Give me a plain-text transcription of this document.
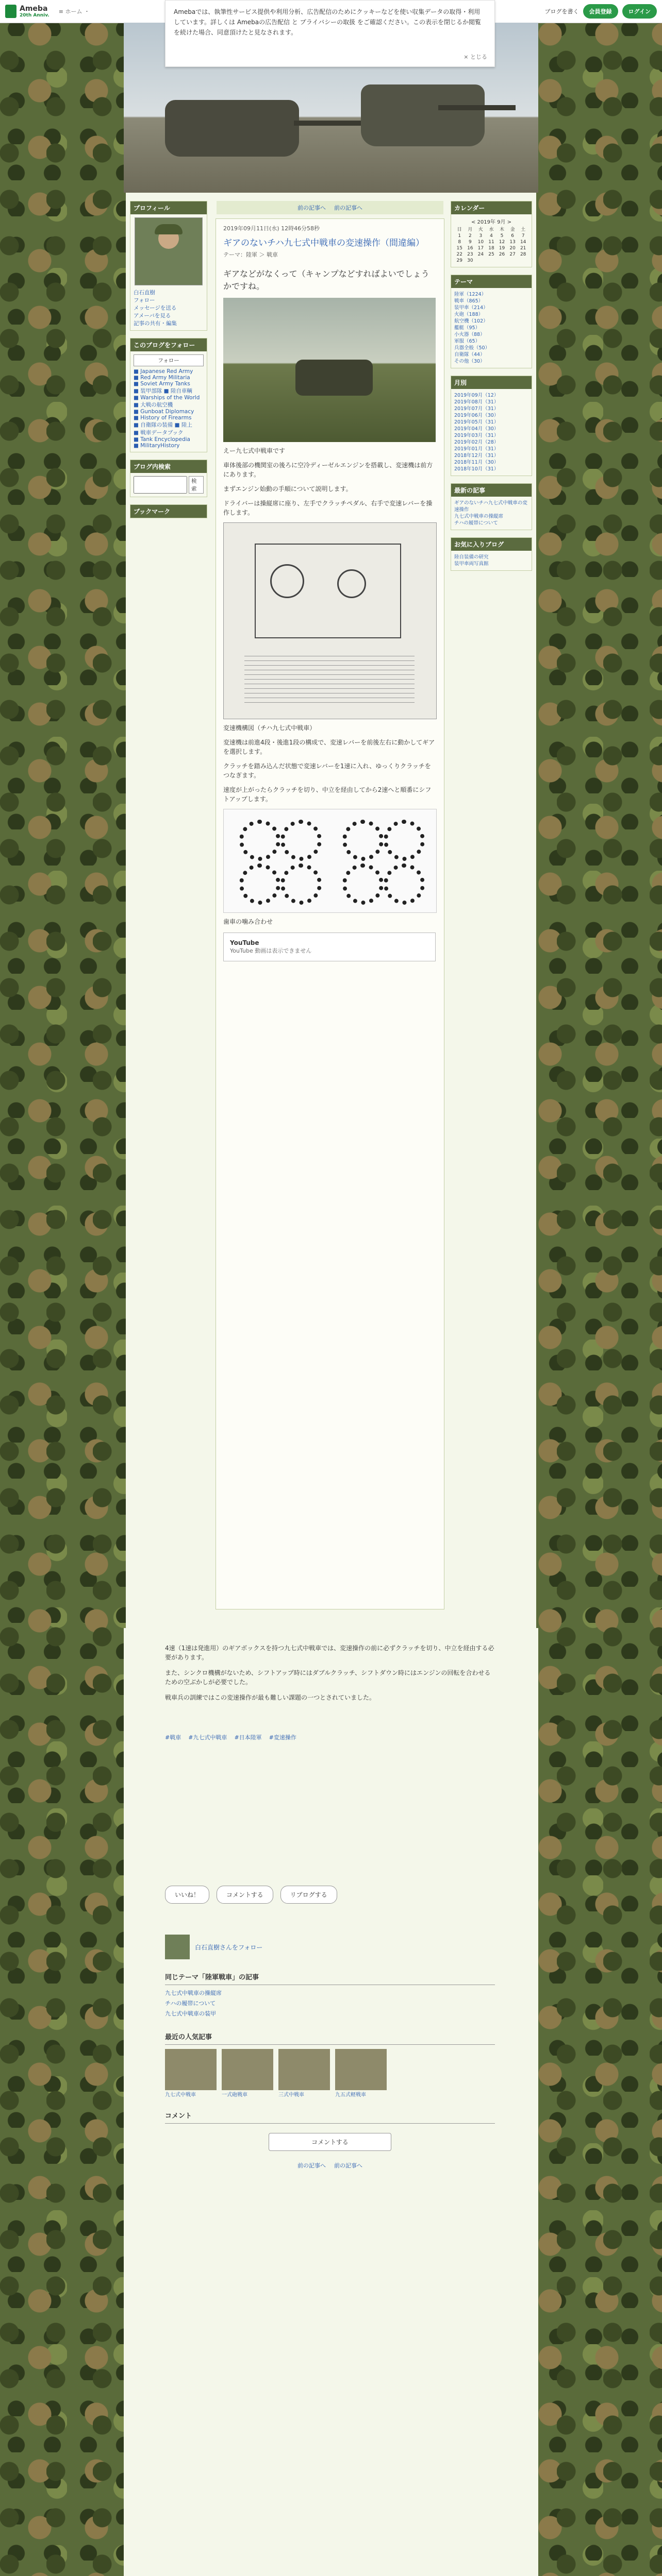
Ameba
20th Anniv.
≡ ホーム ・	ブログを書く	会員登録	ログイン
Amebaでは、執筆性サービス提供や利用分析、広告配信のためにクッキーなどを使い収集データの取得・利用しています。詳しくは Amebaの広告配信 と プライバシーの取扱 をご確認ください。この表示を閉じるか閲覧を続けた場合、同意頂けたと見なされます。
× とじる
プロフィール
白石直樹
フォロー
メッセージを送る
アメーバを見る
記事の共有・編集
このブログをフォロー
フォロー
■ Japanese Red Army
■ Red Army Militaria
■ Soviet Army Tanks
■ 装甲部隊 ■ 陸自車輌
■ Warships of the World
■ 大戦の航空機
■ Gunboat Diplomacy
■ History of Firearms
■ 自衛隊の装備 ■ 陸上
■ 戦車データブック
■ Tank Encyclopedia
■ MilitaryHistory
ブログ内検索
検索
ブックマーク
前の記事へ 前の記事へ
2019年09月11日(水) 12時46分58秒
ギアのないチハ九七式中戦車の変速操作（間違編）
テーマ：陸軍 ＞ 戦車
ギアなどがなくって（キャンプなどすればよいでしょうかですね。

えー九七式中戦車です

車体後部の機関室の後ろに空冷ディーゼルエンジンを搭載し、変速機は前方にあります。

まずエンジン始動の手順について説明します。

ドライバーは操縦席に座り、左手でクラッチペダル、右手で変速レバーを操作します。

変速機構図（チハ九七式中戦車）

変速機は前進4段・後進1段の構成で、変速レバーを前後左右に動かしてギアを選択します。

クラッチを踏み込んだ状態で変速レバーを1速に入れ、ゆっくりクラッチをつなぎます。

速度が上がったらクラッチを切り、中立を経由してから2速へと順番にシフトアップします。

歯車の噛み合わせ

YouTube
YouTube 動画は表示できません
カレンダー
< 2019年 9月 >
日	月	火	水	木	金	土
1	2	3	4	5	6	7
8	9	10	11	12	13	14
15	16	17	18	19	20	21
22	23	24	25	26	27	28
29	30					
テーマ
陸軍（1224）
戦車（865）
装甲車（214）
火砲（188）
航空機（102）
艦艇（95）
小火器（88）
軍服（65）
兵器全般（50）
自衛隊（44）
その他（30）
月別
2019年09月（12）
2019年08月（31）
2019年07月（31）
2019年06月（30）
2019年05月（31）
2019年04月（30）
2019年03月（31）
2019年02月（28）
2019年01月（31）
2018年12月（31）
2018年11月（30）
2018年10月（31）
最新の記事
ギアのないチハ九七式中戦車の変速操作
九七式中戦車の操縦席
チハの履帯について
お気に入りブログ
陸自装備の研究
装甲車両写真館

4速（1速は発進用）のギアボックスを持つ九七式中戦車では、変速操作の前に必ずクラッチを切り、中立を経由する必要があります。

また、シンクロ機構がないため、シフトアップ時にはダブルクラッチ、シフトダウン時にはエンジンの回転を合わせるための空ぶかしが必要でした。

戦車兵の訓練ではこの変速操作が最も難しい課題の一つとされていました。

#戦車 #九七式中戦車 #日本陸軍 #変速操作
いいね！	コメントする	リブログする
白石直樹さんをフォロー
同じテーマ「陸軍戦車」の記事
九七式中戦車の操縦席
チハの履帯について
九七式中戦車の装甲
最近の人気記事
九七式中戦車	一式砲戦車	三式中戦車	九五式軽戦車
コメント
コメントする
前の記事へ 前の記事へ
